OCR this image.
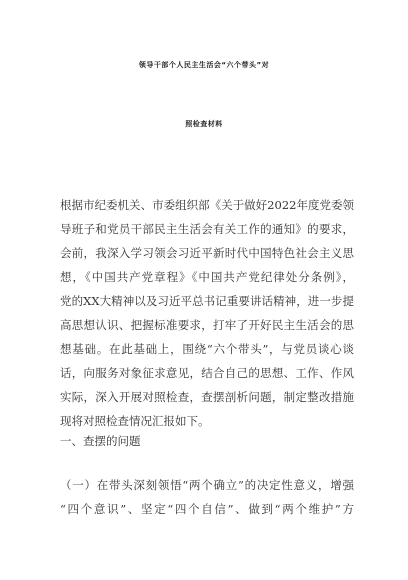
领导干部个人民主生活会“六个带头”对
照检查材料
根据市纪委机关、市委组织部《关于做好2022年度党委领
导班子和党员干部民主生活会有关工作的通知》的要求，
会前，我深入学习领会习近平新时代中国特色社会主义思
想，《中国共产党章程》《中国共产党纪律处分条例》，
党的XX大精神以及习近平总书记重要讲话精神，进一步提
高思想认识、把握标准要求，打牢了开好民主生活会的思
想基础。在此基础上，围绕“六个带头”，与党员谈心谈
话，向服务对象征求意见，结合自己的思想、工作、作风
实际，深入开展对照检查，查摆剖析问题，制定整改措施
现将对照检查情况汇报如下。
一、查摆的问题
（一）在带头深刻领悟“两个确立”的决定性意义，增强
“四个意识”、坚定“四个自信”、做到“两个维护”方
